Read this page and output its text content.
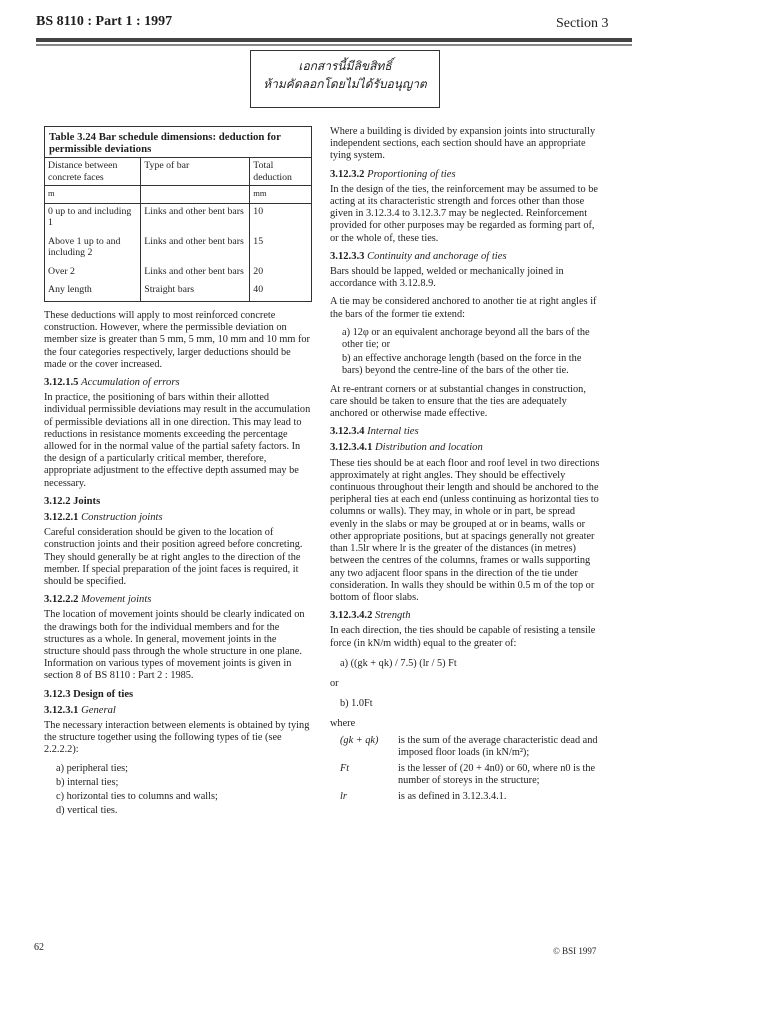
BS 8110 : Part 1 : 1997	Section 3
เอกสารนี้มีลิขสิทธิ์
ห้ามคัดลอกโดยไม่ได้รับอนุญาต
Table 3.24 Bar schedule dimensions: deduction for permissible deviations
Distance between concrete faces	Type of bar	Total deduction
m		mm
0 up to and including 1	Links and other bent bars	10
Above 1 up to and including 2	Links and other bent bars	15
Over 2	Links and other bent bars	20
Any length	Straight bars	40

These deductions will apply to most reinforced concrete construction. However, where the permissible deviation on member size is greater than 5 mm, 5 mm, 10 mm and 10 mm for the four categories respectively, larger deductions should be made or the cover increased.

3.12.1.5 Accumulation of errors

In practice, the positioning of bars within their allotted individual permissible deviations may result in the accumulation of permissible deviations all in one direction. This may lead to reductions in resistance moments exceeding the percentage allowed for in the normal value of the partial safety factors. In the design of a particularly critical member, therefore, appropriate adjustment to the effective depth assumed may be necessary.

3.12.2 Joints
3.12.2.1 Construction joints

Careful consideration should be given to the location of construction joints and their position agreed before concreting. They should generally be at right angles to the direction of the member. If special preparation of the joint faces is required, it should be specified.

3.12.2.2 Movement joints

The location of movement joints should be clearly indicated on the drawings both for the individual members and for the structures as a whole. In general, movement joints in the structure should pass through the whole structure in one plane. Information on various types of movement joints is given in section 8 of BS 8110 : Part 2 : 1985.

3.12.3 Design of ties
3.12.3.1 General

The necessary interaction between elements is obtained by tying the structure together using the following types of tie (see 2.2.2.2):

a) peripheral ties;
b) internal ties;
c) horizontal ties to columns and walls;
d) vertical ties.

Where a building is divided by expansion joints into structurally independent sections, each section should have an appropriate tying system.

3.12.3.2 Proportioning of ties

In the design of the ties, the reinforcement may be assumed to be acting at its characteristic strength and forces other than those given in 3.12.3.4 to 3.12.3.7 may be neglected. Reinforcement provided for other purposes may be regarded as forming part of, or the whole of, these ties.

3.12.3.3 Continuity and anchorage of ties

Bars should be lapped, welded or mechanically joined in accordance with 3.12.8.9.

A tie may be considered anchored to another tie at right angles if the bars of the former tie extend:

a) 12φ or an equivalent anchorage beyond all the bars of the other tie; or
b) an effective anchorage length (based on the force in the bars) beyond the centre-line of the bars of the other tie.

At re-entrant corners or at substantial changes in construction, care should be taken to ensure that the ties are adequately anchored or otherwise made effective.

3.12.3.4 Internal ties
3.12.3.4.1 Distribution and location

These ties should be at each floor and roof level in two directions approximately at right angles. They should be effectively continuous throughout their length and should be anchored to the peripheral ties at each end (unless continuing as horizontal ties to columns or walls). They may, in whole or in part, be spread evenly in the slabs or may be grouped at or in beams, walls or other appropriate positions, but at spacings generally not greater than 1.5lr where lr is the greater of the distances (in metres) between the centres of the columns, frames or walls supporting any two adjacent floor spans in the direction of the tie under consideration. In walls they should be within 0.5 m of the top or bottom of floor slabs.

3.12.3.4.2 Strength

In each direction, the ties should be capable of resisting a tensile force (in kN/m width) equal to the greater of:

a) ((gk + qk) / 7.5) (lr / 5) Ft
or
b) 1.0Ft
where
(gk + qk)	is the sum of the average characteristic dead and imposed floor loads (in kN/m²);
Ft	is the lesser of (20 + 4n0) or 60, where n0 is the number of storeys in the structure;
lr	is as defined in 3.12.3.4.1.
62	© BSI 1997
